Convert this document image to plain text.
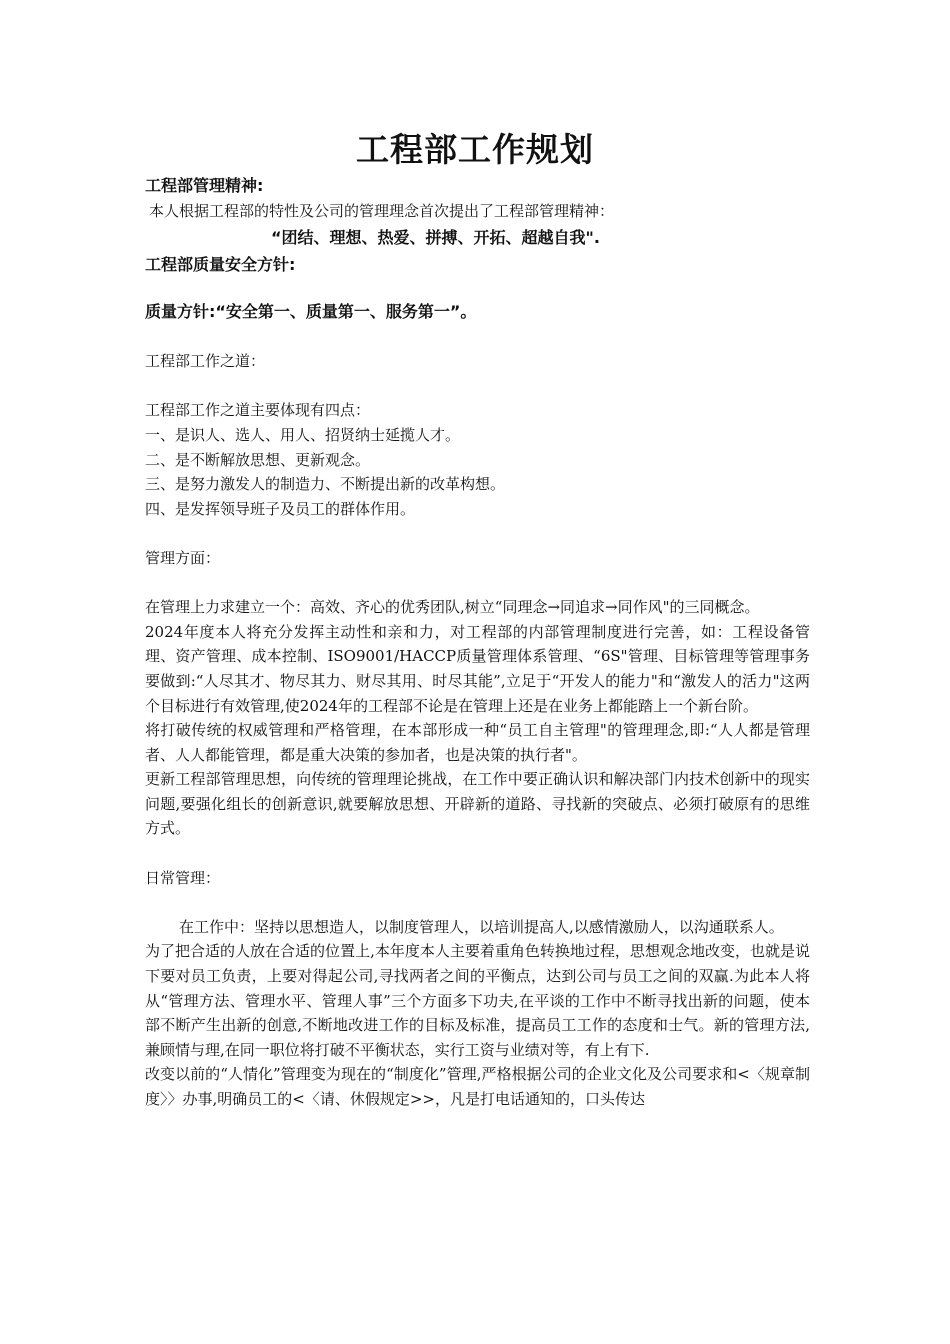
工程部工作规划

工程部管理精神:

本人根据工程部的特性及公司的管理理念首次提出了工程部管理精神：

“团结、理想、热爱、拼搏、开拓、超越自我".

工程部质量安全方针:

质量方针:“安全第一、质量第一、服务第一”。

工程部工作之道：

工程部工作之道主要体现有四点：

一、是识人、选人、用人、招贤纳士延揽人才。

二、是不断解放思想、更新观念。

三、是努力激发人的制造力、不断提出新的改革构想。

四、是发挥领导班子及员工的群体作用。

管理方面：

在管理上力求建立一个：高效、齐心的优秀团队,树立“同理念→同追求→同作风"的三同概念。

2024年度本人将充分发挥主动性和亲和力，对工程部的内部管理制度进行完善，如：工程设备管理、资产管理、成本控制、ISO9001/HACCP质量管理体系管理、“6S"管理、目标管理等管理事务要做到:“人尽其才、物尽其力、财尽其用、时尽其能”,立足于“开发人的能力"和“激发人的活力"这两个目标进行有效管理,使2024年的工程部不论是在管理上还是在业务上都能踏上一个新台阶。

将打破传统的权威管理和严格管理，在本部形成一种“员工自主管理"的管理理念,即:“人人都是管理者、人人都能管理，都是重大决策的参加者，也是决策的执行者"。

更新工程部管理思想，向传统的管理理论挑战，在工作中要正确认识和解决部门内技术创新中的现实问题,要强化组长的创新意识,就要解放思想、开辟新的道路、寻找新的突破点、必须打破原有的思维方式。

日常管理：

在工作中：坚持以思想造人，以制度管理人，以培训提高人,以感情激励人，以沟通联系人。

为了把合适的人放在合适的位置上,本年度本人主要着重角色转换地过程，思想观念地改变，也就是说下要对员工负责，上要对得起公司,寻找两者之间的平衡点，达到公司与员工之间的双赢.为此本人将从“管理方法、管理水平、管理人事”三个方面多下功夫,在平谈的工作中不断寻找出新的问题，使本部不断产生出新的创意,不断地改进工作的目标及标准，提高员工工作的态度和士气。新的管理方法,兼顾情与理,在同一职位将打破不平衡状态，实行工资与业绩对等，有上有下.

改变以前的“人情化”管理变为现在的“制度化”管理,严格根据公司的企业文化及公司要求和<〈规章制度〉〉办事,明确员工的<〈请、休假规定>>，凡是打电话通知的，口头传达
